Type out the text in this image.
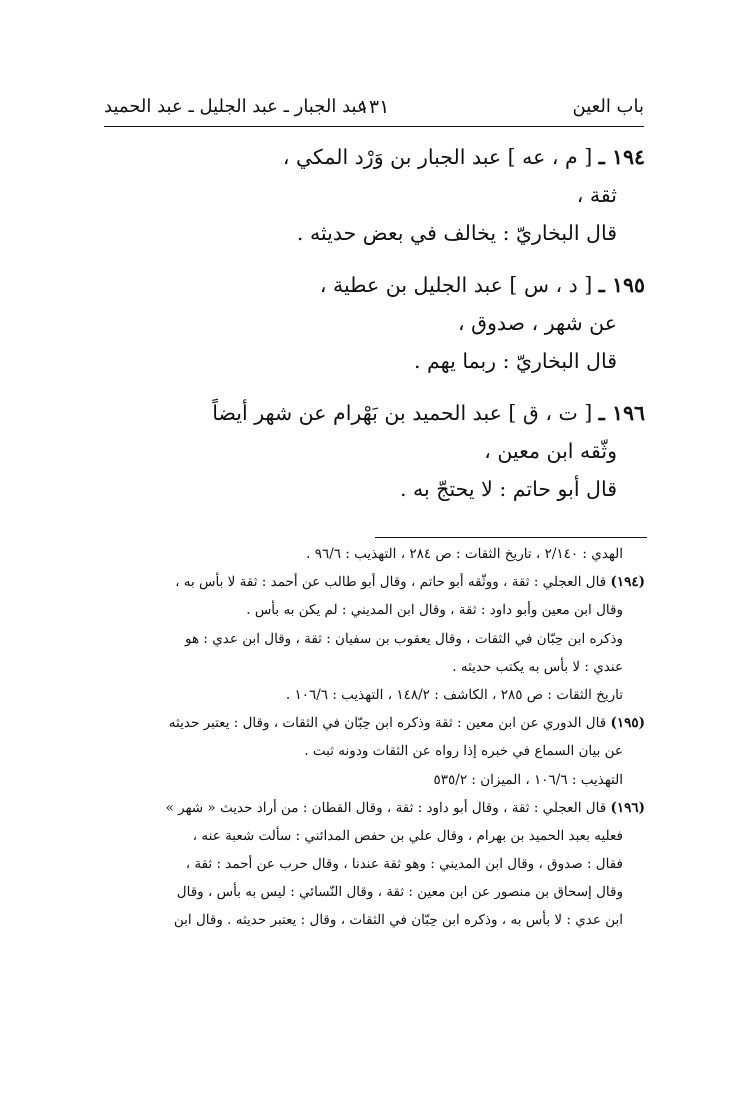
باب العين
١٣١
عبد الجبار ـ عبد الجليل ـ عبد الحميد
١٩٤ ـ [ م ، عه ] عبد الجبار بن وَرْد المكي ،
ثقة ،
قال البخاريّ : يخالف في بعض حديثه .
١٩٥ ـ [ د ، س ] عبد الجليل بن عطية ،
عن شهر ، صدوق ،
قال البخاريّ : ربما يهم .
١٩٦ ـ [ ت ، ق ] عبد الحميد بن بَهْرام عن شهر أيضاً
وثّقه ابن معين ،
قال أبو حاتم : لا يحتجّ به .
الهدي : ٢/١٤٠ ، تاريخ الثقات : ص ٢٨٤ ، التهذيب : ٩٦/٦ .
(١٩٤) قال العجلي : ثقة ، ووثّقه أبو حاتم ، وقال أبو طالب عن أحمد : ثقة لا بأس به ،
وقال ابن معين وأبو داود : ثقة ، وقال ابن المديني : لم يكن به بأس .
وذكره ابن حِبّان في الثقات ، وقال يعقوب بن سفيان : ثقة ، وقال ابن عدي : هو
عندي : لا بأس به يكتب حديثه .
تاريخ الثقات : ص ٢٨٥ ، الكاشف : ١٤٨/٢ ، التهذيب : ١٠٦/٦ .
(١٩٥) قال الدوري عن ابن معين : ثقة وذكره ابن حِبّان في الثقات ، وقال : يعتبر حديثه
عن بيان السماع في خبره إذا رواه عن الثقات ودونه ثبت .
التهذيب : ١٠٦/٦ ، الميزان : ٥٣٥/٢
(١٩٦) قال العجلي : ثقة ، وقال أبو داود : ثقة ، وقال القطان : من أراد حديث « شهر »
فعليه بعبد الحميد بن بهرام ، وقال علي بن حفص المدائني : سألت شعبة عنه ،
فقال : صدوق ، وقال ابن المديني : وهو ثقة عندنا ، وقال حرب عن أحمد : ثقة ،
وقال إسحاق بن منصور عن ابن معين : ثقة ، وقال النّسائي : ليس به بأس ، وقال
ابن عدي : لا بأس به ، وذكره ابن حِبّان في الثقات ، وقال : يعتبر حديثه . وقال ابن
